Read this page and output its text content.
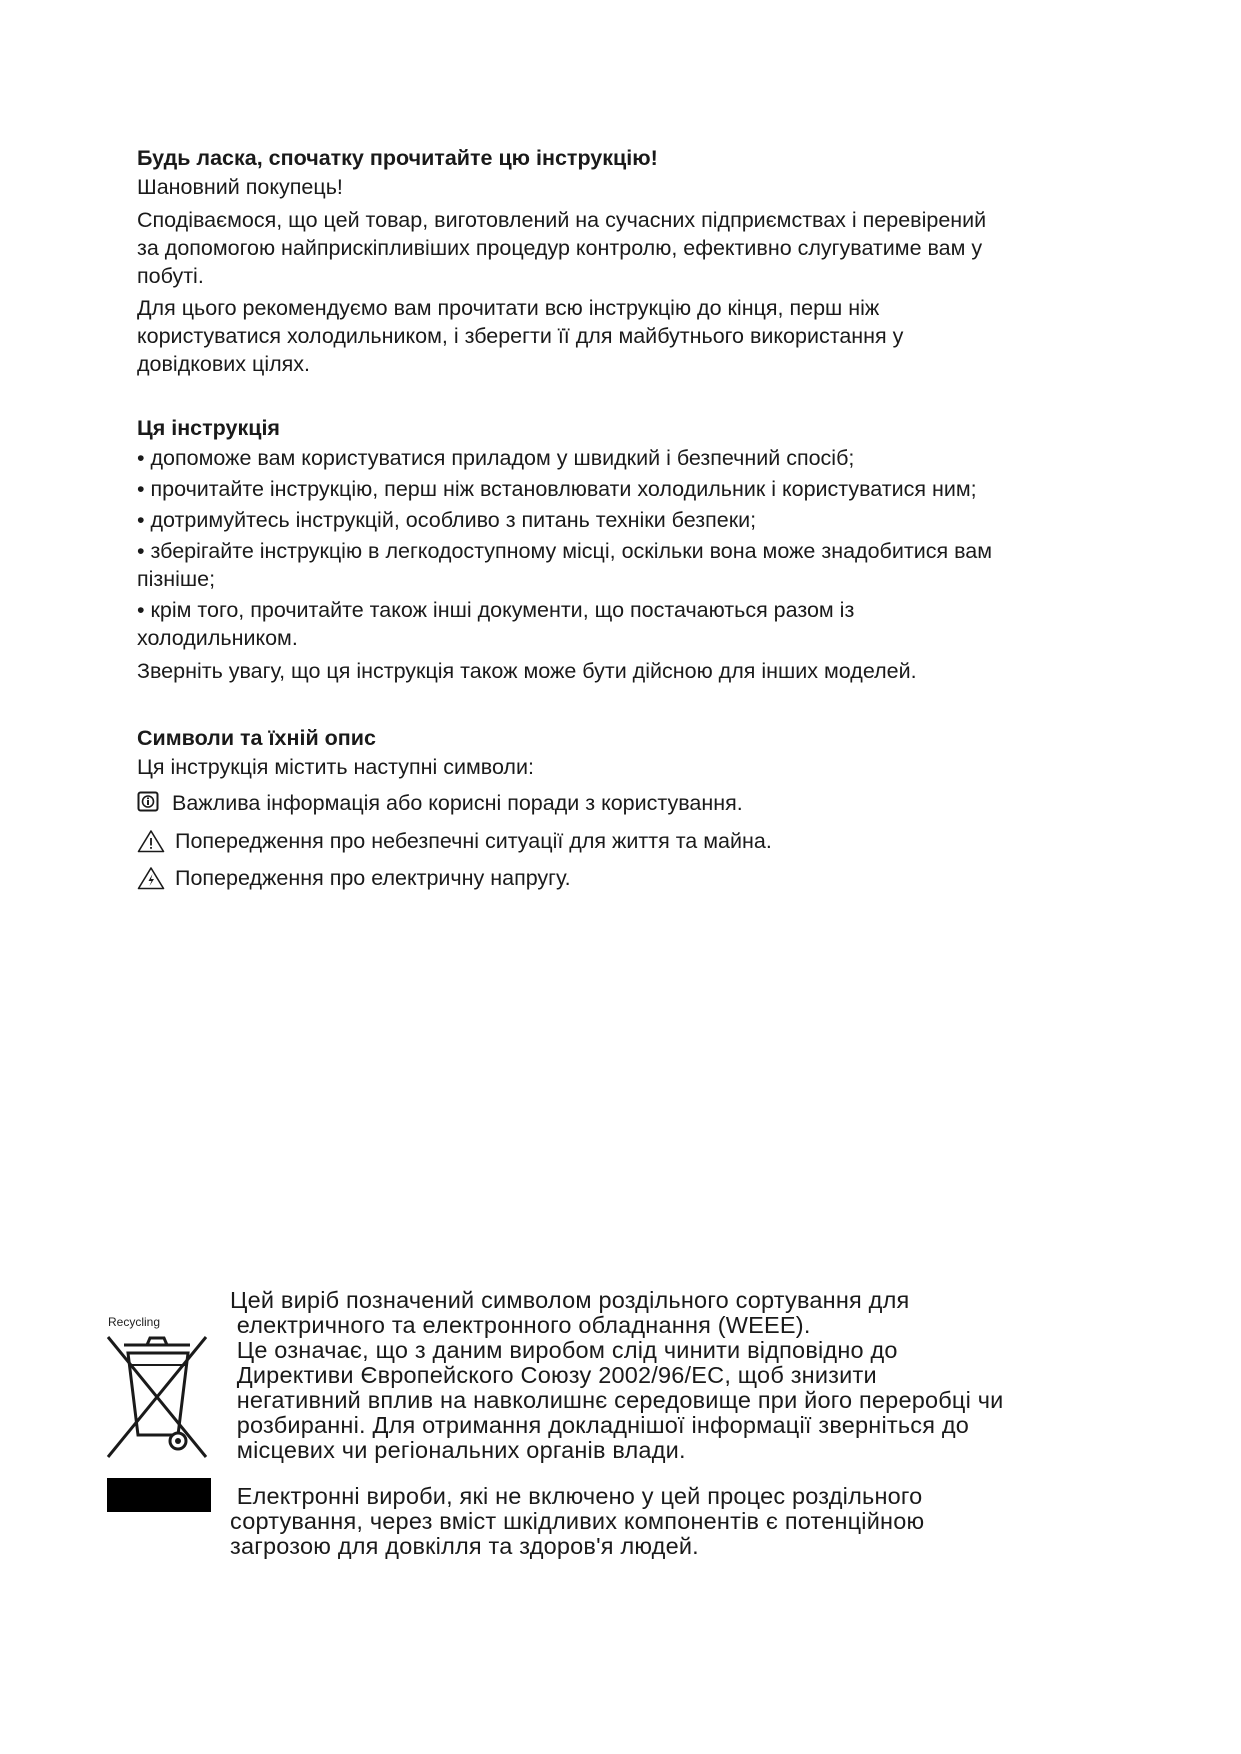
Будь ласка, спочатку прочитайте цю інструкцію!
Шановний покупець!
Сподіваємося, що цей товар, виготовлений на сучасних підприємствах і перевірений
за допомогою найприскіпливіших процедур контролю, ефективно слугуватиме вам у
побуті.
Для цього рекомендуємо вам прочитати всю інструкцію до кінця, перш ніж
користуватися холодильником, і зберегти її для майбутнього використання у
довідкових цілях.
Ця інструкція
• допоможе вам користуватися приладом у швидкий і безпечний спосіб;
• прочитайте інструкцію, перш ніж встановлювати холодильник і користуватися ним;
• дотримуйтесь інструкцій, особливо з питань техніки безпеки;
• зберігайте інструкцію в легкодоступному місці, оскільки вона може знадобитися вам
пізніше;
• крім того, прочитайте також інші документи, що постачаються разом із
холодильником.
Зверніть увагу, що ця інструкція також може бути дійсною для інших моделей.
Символи та їхній опис
Ця інструкція містить наступні символи:
Важлива інформація або корисні поради з користування.
Попередження про небезпечні ситуації для життя та майна.
Попередження про електричну напругу.
Recycling
Цей виріб позначений символом роздільного сортування для
електричного та електронного обладнання (WEEE).
Це означає, що з даним виробом слід чинити відповідно до
Директиви Європейского Союзу 2002/96/EC, щоб знизити
негативний вплив на навколишнє середовище при його переробці чи
розбиранні. Для отримання докладнішої інформації зверніться до
місцевих чи регіональних органів влади.
Електронні вироби, які не включено у цей процес роздільного
сортування, через вміст шкідливих компонентів є потенційною
загрозою для довкілля та здоров'я людей.
